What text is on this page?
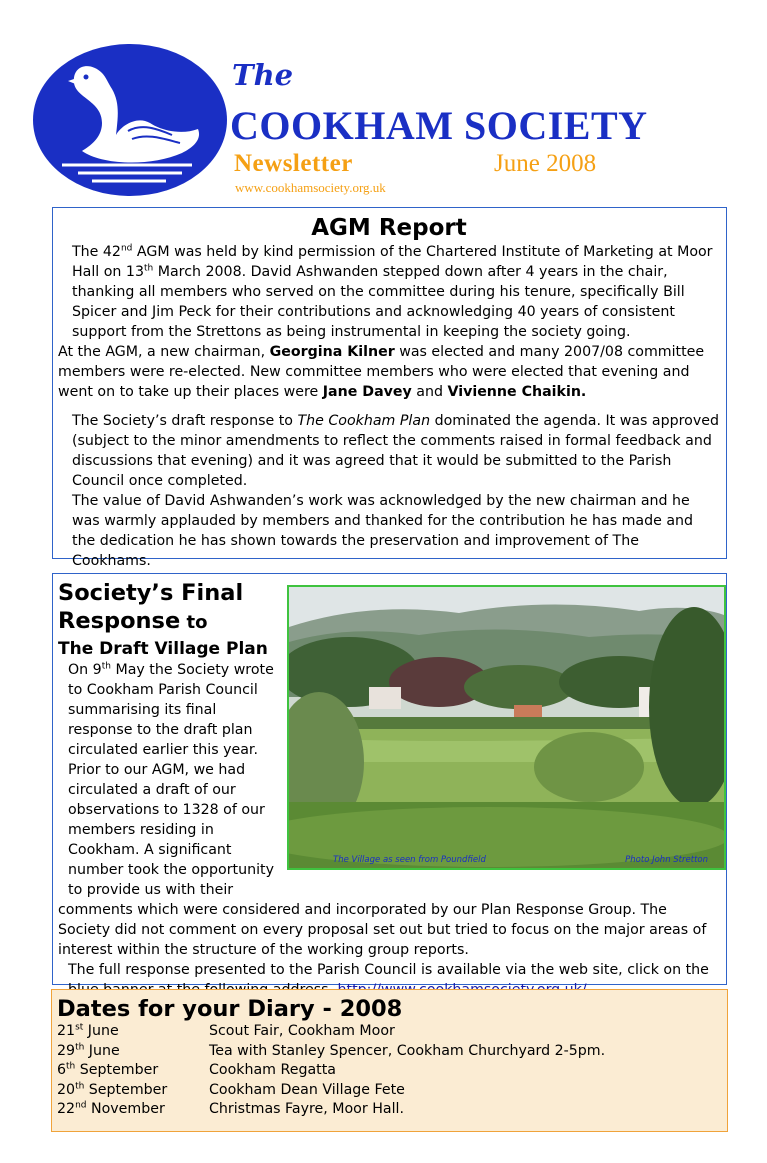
The
COOKHAM SOCIETY
Newsletter	June 2008
www.cookhamsociety.org.uk
AGM Report

The 42nd AGM was held by kind permission of the Chartered Institute of Marketing at Moor Hall on 13th March 2008. David Ashwanden stepped down after 4 years in the chair, thanking all members who served on the committee during his tenure, specifically Bill Spicer and Jim Peck for their contributions and acknowledging 40 years of consistent support from the Strettons as being instrumental in keeping the society going.

At the AGM, a new chairman, Georgina Kilner was elected and many 2007/08 committee members were re-elected. New committee members who were elected that evening and went on to take up their places were Jane Davey and Vivienne Chaikin.

The Society’s draft response to The Cookham Plan dominated the agenda. It was approved (subject to the minor amendments to reflect the comments raised in formal feedback and discussions that evening) and it was agreed that it would be submitted to the Parish Council once completed.

The value of David Ashwanden’s work was acknowledged by the new chairman and he was warmly applauded by members and thanked for the contribution he has made and the dedication he has shown towards the preservation and improvement of The Cookhams.

Society’s Final

Response to

The Draft Village Plan

On 9th May the Society wrote to Cookham Parish Council summarising its final response to the draft plan circulated earlier this year. Prior to our AGM, we had circulated a draft of our observations to 1328 of our members residing in Cookham. A significant number took the opportunity to provide us with their

comments which were considered and incorporated by our Plan Response Group. The Society did not comment on every proposal set out but tried to focus on the major areas of interest within the structure of the working group reports.

The full response presented to the Parish Council is available via the web site, click on the

The Village as seen from Poundfield	Photo John Stretton
Dates for your Diary - 2008
21st June	Scout Fair, Cookham Moor
29th June	Tea with Stanley Spencer, Cookham Churchyard 2-5pm.
6th September	Cookham Regatta
20th September	Cookham Dean Village Fete
22nd November	Christmas Fayre, Moor Hall.
